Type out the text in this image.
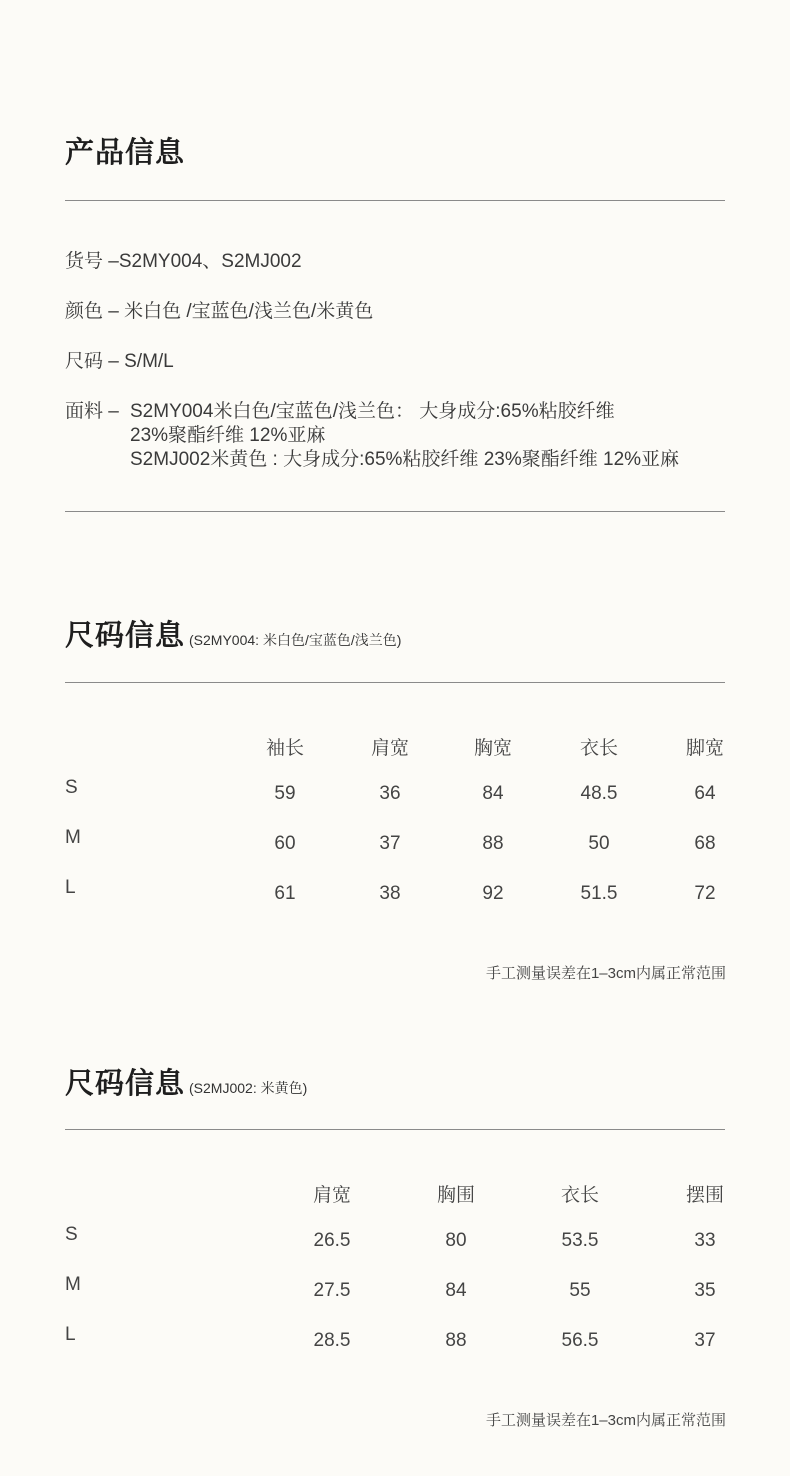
产品信息
货号 –S2MY004、S2MJ002
颜色 – 米白色 /宝蓝色/浅兰色/米黄色
尺码 – S/M/L
面料 – S2MY004米白色/宝蓝色/浅兰色： 大身成分:65%粘胶纤维
23%聚酯纤维 12%亚麻
S2MJ002米黄色 : 大身成分:65%粘胶纤维 23%聚酯纤维 12%亚麻
尺码信息 (S2MY004: 米白色/宝蓝色/浅兰色)
袖长	肩宽	胸宽	衣长	脚宽
S	59	36	84	48.5	64
M	60	37	88	50	68
L	61	38	92	51.5	72
手工测量误差在1–3cm内属正常范围
尺码信息 (S2MJ002: 米黄色)
肩宽	胸围	衣长	摆围
S	26.5	80	53.5	33
M	27.5	84	55	35
L	28.5	88	56.5	37
手工测量误差在1–3cm内属正常范围
